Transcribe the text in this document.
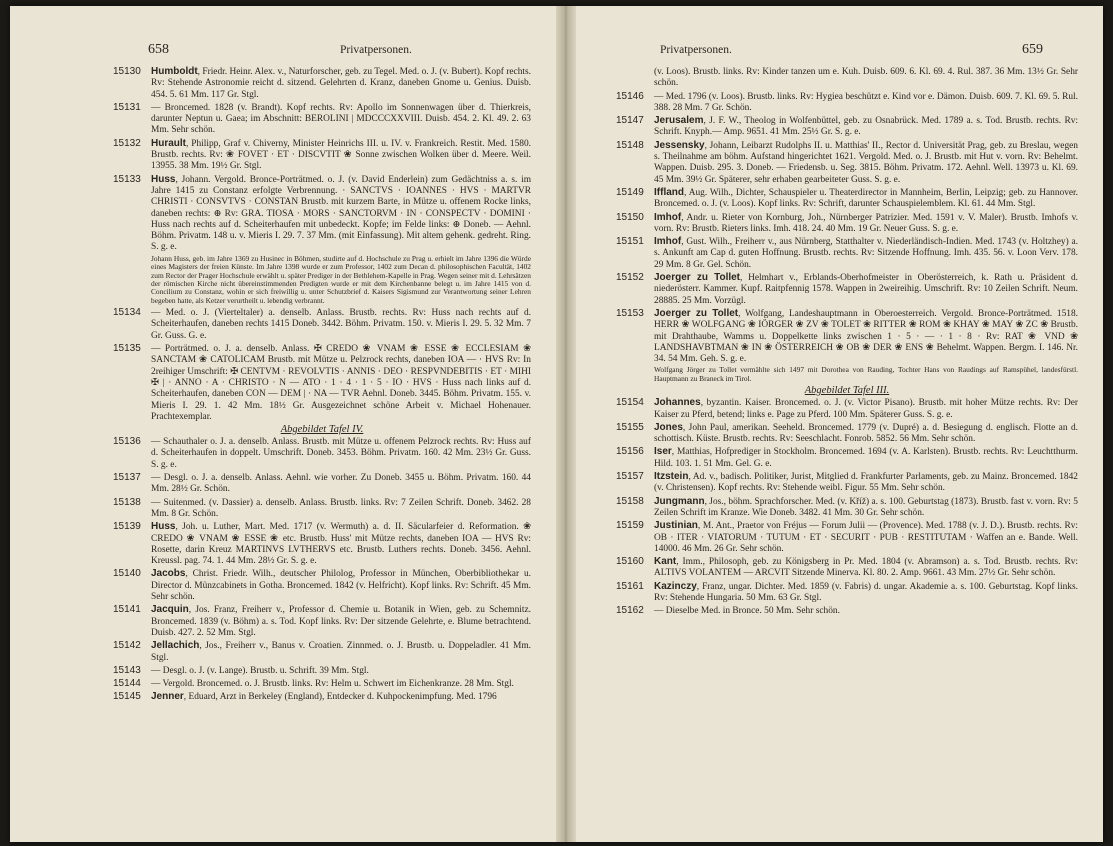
658	Privatpersonen.
15130 Humboldt, Friedr. Heinr. Alex. v., Naturforscher, geb. zu Tegel. Med. o. J. (v. Bubert). Kopf rechts. Rv: Stehende Astronomie reicht d. sitzend. Gelehrten d. Kranz, daneben Gnome u. Genius. Duisb. 454. 5. 61 Mm. 117 Gr. Stgl.
15131 — Broncemed. 1828 (v. Brandt). Kopf rechts. Rv: Apollo im Sonnenwagen über d. Thierkreis, darunter Neptun u. Gaea; im Abschnitt: BEROLINI | MDCCCXXVIII. Duisb. 454. 2. Kl. 49. 2. 63 Mm. Sehr schön.
15132 Hurault, Philipp, Graf v. Chiverny, Minister Heinrichs III. u. IV. v. Frankreich. Restit. Med. 1580. Brustb. rechts. Rv: ❀ FOVET · ET · DISCVTIT ❀ Sonne zwischen Wolken über d. Meere. Weil. 13955. 38 Mm. 19½ Gr. Stgl.
15133 Huss, Johann. Vergold. Bronce-Porträtmed. o. J. (v. David Enderlein) zum Gedächtniss a. s. im Jahre 1415 zu Constanz erfolgte Verbrennung. · SANCTVS · IOANNES · HVS · MARTVR CHRISTI · CONSVTVS · CONSTAN Brustb. mit kurzem Barte, in Mütze u. offenem Rocke links, daneben rechts: ⊕ Rv: GRA. TIOSA · MORS · SANCTORVM · IN · CONSPECTV · DOMINI · Huss nach rechts auf d. Scheiterhaufen mit unbedeckt. Kopfe; im Felde links: ⊕ Doneb. — Aehnl. Böhm. Privatm. 148 u. v. Mieris I. 29. 7. 37 Mm. (mit Einfassung). Mit altem gehenk. gedreht. Ring. S. g. e.
Johann Huss, geb. im Jahre 1369 zu Husinec in Böhmen, studirte auf d. Hochschule zu Prag u. erhielt im Jahre 1396 die Würde eines Magisters der freien Künste. Im Jahre 1398 wurde er zum Professor, 1402 zum Decan d. philosophischen Facultät, 1402 zum Rector der Prager Hochschule erwählt u. später Prediger in der Bethlehem-Kapelle in Prag. Wegen seiner mit d. Lehrsätzen der römischen Kirche nicht übereinstimmenden Predigten wurde er mit dem Kirchenbanne belegt u. im Jahre 1415 von d. Concilium zu Constanz, wohin er sich freiwillig u. unter Schutzbrief d. Kaisers Sigismund zur Verantwortung seiner Lehren begeben hatte, als Ketzer verurtheilt u. lebendig verbrannt.
15134 — Med. o. J. (Vierteltaler) a. denselb. Anlass. Brustb. rechts. Rv: Huss nach rechts auf d. Scheiterhaufen, daneben rechts 1415 Doneb. 3442. Böhm. Privatm. 150. v. Mieris I. 29. 5. 32 Mm. 7 Gr. Guss. G. e.
15135 — Porträtmed. o. J. a. denselb. Anlass. ✠ CREDO ❀ VNAM ❀ ESSE ❀ ECCLESIAM ❀ SANCTAM ❀ CATOLICAM Brustb. mit Mütze u. Pelzrock rechts, daneben IOA — · HVS Rv: In 2reihiger Umschrift: ✠ CENTVM · REVOLVTIS · ANNIS · DEO · RESPVNDEBITIS · ET · MIHI ✠ | · ANNO · A · CHRISTO · N — ATO · 1 · 4 · 1 · 5 · IO · HVS · Huss nach links auf d. Scheiterhaufen, daneben CON — DEM | · NA — TVR Aehnl. Doneb. 3445. Böhm. Privatm. 155. v. Mieris I. 29. 1. 42 Mm. 18½ Gr. Ausgezeichnet schöne Arbeit v. Michael Hohenauer. Prachtexemplar.
Abgebildet Tafel IV.
15136 — Schauthaler o. J. a. denselb. Anlass. Brustb. mit Mütze u. offenem Pelzrock rechts. Rv: Huss auf d. Scheiterhaufen in doppelt. Umschrift. Doneb. 3453. Böhm. Privatm. 160. 42 Mm. 23½ Gr. Guss. S. g. e.
15137 — Desgl. o. J. a. denselb. Anlass. Aehnl. wie vorher. Zu Doneb. 3455 u. Böhm. Privatm. 160. 44 Mm. 28½ Gr. Schön.
15138 — Suitenmed. (v. Dassier) a. denselb. Anlass. Brustb. links. Rv: 7 Zeilen Schrift. Doneb. 3462. 28 Mm. 8 Gr. Schön.
15139 Huss, Joh. u. Luther, Mart. Med. 1717 (v. Wermuth) a. d. II. Säcularfeier d. Reformation. ❀ CREDO ❀ VNAM ❀ ESSE ❀ etc. Brustb. Huss' mit Mütze rechts, daneben IOA — HVS Rv: Rosette, darin Kreuz MARTINVS LVTHERVS etc. Brustb. Luthers rechts. Doneb. 3456. Aehnl. Kreussl. pag. 74. 1. 44 Mm. 28½ Gr. S. g. e.
15140 Jacobs, Christ. Friedr. Wilh., deutscher Philolog, Professor in München, Oberbibliothekar u. Director d. Münzcabinets in Gotha. Broncemed. 1842 (v. Helfricht). Kopf links. Rv: Schrift. 45 Mm. Sehr schön.
15141 Jacquin, Jos. Franz, Freiherr v., Professor d. Chemie u. Botanik in Wien, geb. zu Schemnitz. Broncemed. 1839 (v. Böhm) a. s. Tod. Kopf links. Rv: Der sitzende Gelehrte, e. Blume betrachtend. Duisb. 427. 2. 52 Mm. Stgl.
15142 Jellachich, Jos., Freiherr v., Banus v. Croatien. Zinnmed. o. J. Brustb. u. Doppeladler. 41 Mm. Stgl.
15143 — Desgl. o. J. (v. Lange). Brustb. u. Schrift. 39 Mm. Stgl.
15144 — Vergold. Broncemed. o. J. Brustb. links. Rv: Helm u. Schwert im Eichenkranze. 28 Mm. Stgl.
15145 Jenner, Eduard, Arzt in Berkeley (England), Entdecker d. Kuhpockenimpfung. Med. 1796
Privatpersonen.	659
(v. Loos). Brustb. links. Rv: Kinder tanzen um e. Kuh. Duisb. 609. 6. Kl. 69. 4. Rul. 387. 36 Mm. 13½ Gr. Sehr schön.
15146 — Med. 1796 (v. Loos). Brustb. links. Rv: Hygiea beschützt e. Kind vor e. Dämon. Duisb. 609. 7. Kl. 69. 5. Rul. 388. 28 Mm. 7 Gr. Schön.
15147 Jerusalem, J. F. W., Theolog in Wolfenbüttel, geb. zu Osnabrück. Med. 1789 a. s. Tod. Brustb. rechts. Rv: Schrift. Knyph.— Amp. 9651. 41 Mm. 25½ Gr. S. g. e.
15148 Jessensky, Johann, Leibarzt Rudolphs II. u. Matthias' II., Rector d. Universität Prag, geb. zu Breslau, wegen s. Theilnahme am böhm. Aufstand hingerichtet 1621. Vergold. Med. o. J. Brustb. mit Hut v. vorn. Rv: Behelmt. Wappen. Duisb. 295. 3. Doneb. — Friedensb. u. Seg. 3815. Böhm. Privatm. 172. Aehnl. Well. 13973 u. Kl. 69. 45 Mm. 39½ Gr. Späterer, sehr erhaben gearbeiteter Guss. S. g. e.
15149 Iffland, Aug. Wilh., Dichter, Schauspieler u. Theaterdirector in Mannheim, Berlin, Leipzig; geb. zu Hannover. Broncemed. o. J. (v. Loos). Kopf links. Rv: Schrift, darunter Schauspielemblem. Kl. 61. 44 Mm. Stgl.
15150 Imhof, Andr. u. Rieter von Kornburg, Joh., Nürnberger Patrizier. Med. 1591 v. V. Maler). Brustb. Imhofs v. vorn. Rv: Brustb. Rieters links. Imh. 418. 24. 40 Mm. 19 Gr. Neuer Guss. S. g. e.
15151 Imhof, Gust. Wilh., Freiherr v., aus Nürnberg, Statthalter v. Niederländisch-Indien. Med. 1743 (v. Holtzhey) a. s. Ankunft am Cap d. guten Hoffnung. Brustb. rechts. Rv: Sitzende Hoffnung. Imh. 435. 56. v. Loon Verv. 178. 29 Mm. 8 Gr. Gel. Schön.
15152 Joerger zu Tollet, Helmhart v., Erblands-Oberhofmeister in Oberösterreich, k. Rath u. Präsident d. niederösterr. Kammer. Kupf. Raitpfennig 1578. Wappen in 2weireihig. Umschrift. Rv: 10 Zeilen Schrift. Neum. 28885. 25 Mm. Vorzügl.
15153 Joerger zu Tollet, Wolfgang, Landeshauptmann in Oberoesterreich. Vergold. Bronce-Porträtmed. 1518. HERR ❀ WOLFGANG ❀ IÖRGER ❀ ZV ❀ TOLET ❀ RITTER ❀ ROM ❀ KHAY ❀ MAY ❀ ZC ❀ Brustb. mit Drahthaube, Wamms u. Doppelkette links zwischen 1 · 5 · — · 1 · 8 · Rv: RAT ❀ VND ❀ LANDSHAVBTMAN ❀ IN ❀ ÖSTERREICH ❀ OB ❀ DER ❀ ENS ❀ Behelmt. Wappen. Bergm. I. 146. Nr. 34. 54 Mm. Geh. S. g. e.
Wolfgang Jörger zu Tollet vermählte sich 1497 mit Dorothea von Rauding, Tochter Hans von Raudings auf Ramspühel, landesfürstl. Hauptmann zu Braneck im Tirol.
Abgebildet Tafel III.
15154 Johannes, byzantin. Kaiser. Broncemed. o. J. (v. Victor Pisano). Brustb. mit hoher Mütze rechts. Rv: Der Kaiser zu Pferd, betend; links e. Page zu Pferd. 100 Mm. Späterer Guss. S. g. e.
15155 Jones, John Paul, amerikan. Seeheld. Broncemed. 1779 (v. Dupré) a. d. Besiegung d. englisch. Flotte an d. schottisch. Küste. Brustb. rechts. Rv: Seeschlacht. Fonrob. 5852. 56 Mm. Sehr schön.
15156 Iser, Matthias, Hofprediger in Stockholm. Broncemed. 1694 (v. A. Karlsten). Brustb. rechts. Rv: Leuchtthurm. Hild. 103. 1. 51 Mm. Gel. G. e.
15157 Itzstein, Ad. v., badisch. Politiker, Jurist, Mitglied d. Frankfurter Parlaments, geb. zu Mainz. Broncemed. 1842 (v. Christensen). Kopf rechts. Rv: Stehende weibl. Figur. 55 Mm. Sehr schön.
15158 Jungmann, Jos., böhm. Sprachforscher. Med. (v. Kříž) a. s. 100. Geburtstag (1873). Brustb. fast v. vorn. Rv: 5 Zeilen Schrift im Kranze. Wie Doneb. 3482. 41 Mm. 30 Gr. Sehr schön.
15159 Justinian, M. Ant., Praetor von Fréjus — Forum Julii — (Provence). Med. 1788 (v. J. D.). Brustb. rechts. Rv: OB · ITER · VIATORUM · TUTUM · ET · SECURIT · PUB · RESTITUTAM · Waffen an e. Bande. Well. 14000. 46 Mm. 26 Gr. Sehr schön.
15160 Kant, Imm., Philosoph, geb. zu Königsberg in Pr. Med. 1804 (v. Abramson) a. s. Tod. Brustb. rechts. Rv: ALTIVS VOLANTEM — ARCVIT Sitzende Minerva. Kl. 80. 2. Amp. 9661. 43 Mm. 27½ Gr. Sehr schön.
15161 Kazinczy, Franz, ungar. Dichter. Med. 1859 (v. Fabris) d. ungar. Akademie a. s. 100. Geburtstag. Kopf links. Rv: Stehende Hungaria. 50 Mm. 63 Gr. Stgl.
15162 — Dieselbe Med. in Bronce. 50 Mm. Sehr schön.
